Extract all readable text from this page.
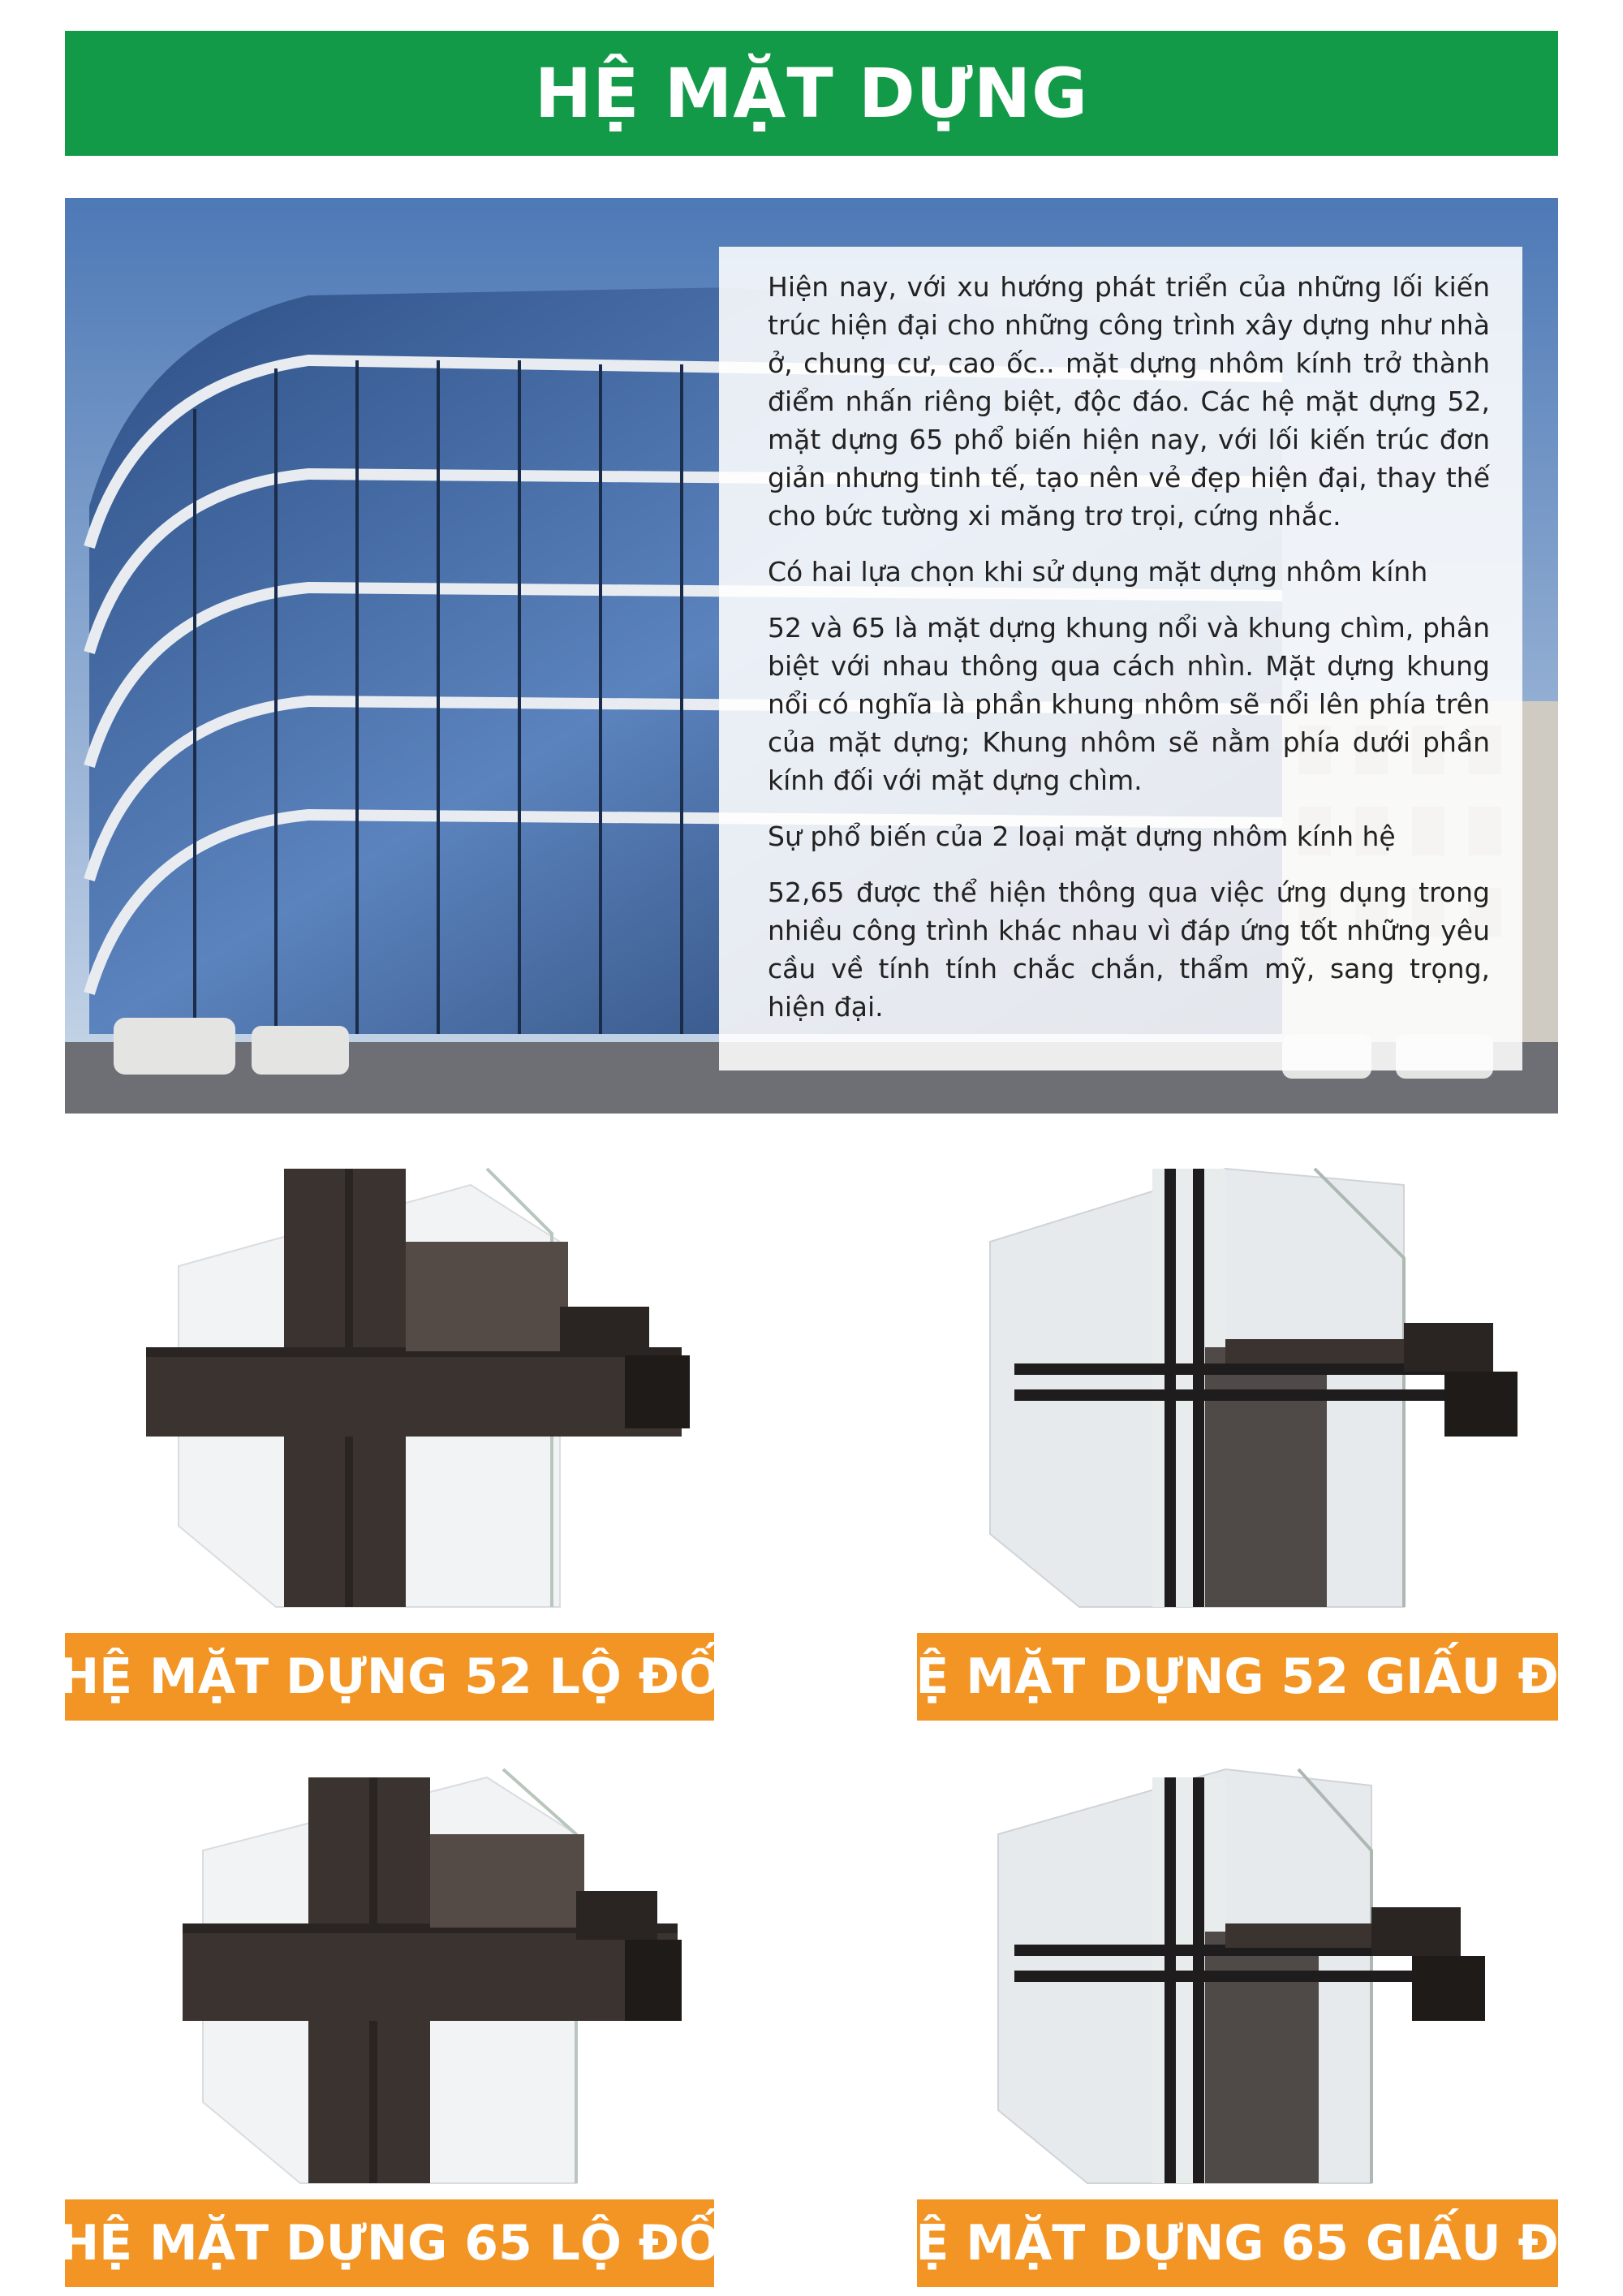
HỆ MẶT DỰNG

Hiện nay, với xu hướng phát triển của những lối kiến trúc hiện đại cho những công trình xây dựng như nhà ở, chung cư, cao ốc.. mặt dựng nhôm kính trở thành điểm nhấn riêng biệt, độc đáo. Các hệ mặt dựng 52, mặt dựng 65 phổ biến hiện nay, với lối kiến trúc đơn giản nhưng tinh tế, tạo nên vẻ đẹp hiện đại, thay thế cho bức tường xi măng trơ trọi, cứng nhắc.

Có hai lựa chọn khi sử dụng mặt dựng nhôm kính

52 và 65 là mặt dựng khung nổi và khung chìm, phân biệt với nhau thông qua cách nhìn. Mặt dựng khung nổi có nghĩa là phần khung nhôm sẽ nổi lên phía trên của mặt dựng; Khung nhôm sẽ nằm phía dưới phần kính đối với mặt dựng chìm.

Sự phổ biến của 2 loại mặt dựng nhôm kính hệ

52,65 được thể hiện thông qua việc ứng dụng trong nhiều công trình khác nhau vì đáp ứng tốt những yêu cầu về tính tính chắc chắn, thẩm mỹ, sang trọng, hiện đại.

HỆ MẶT DỰNG 52 LỘ ĐỐ	HỆ MẶT DỰNG 52 GIẤU ĐỐ
HỆ MẶT DỰNG 65 LỘ ĐỐ	HỆ MẶT DỰNG 65 GIẤU ĐỐ
